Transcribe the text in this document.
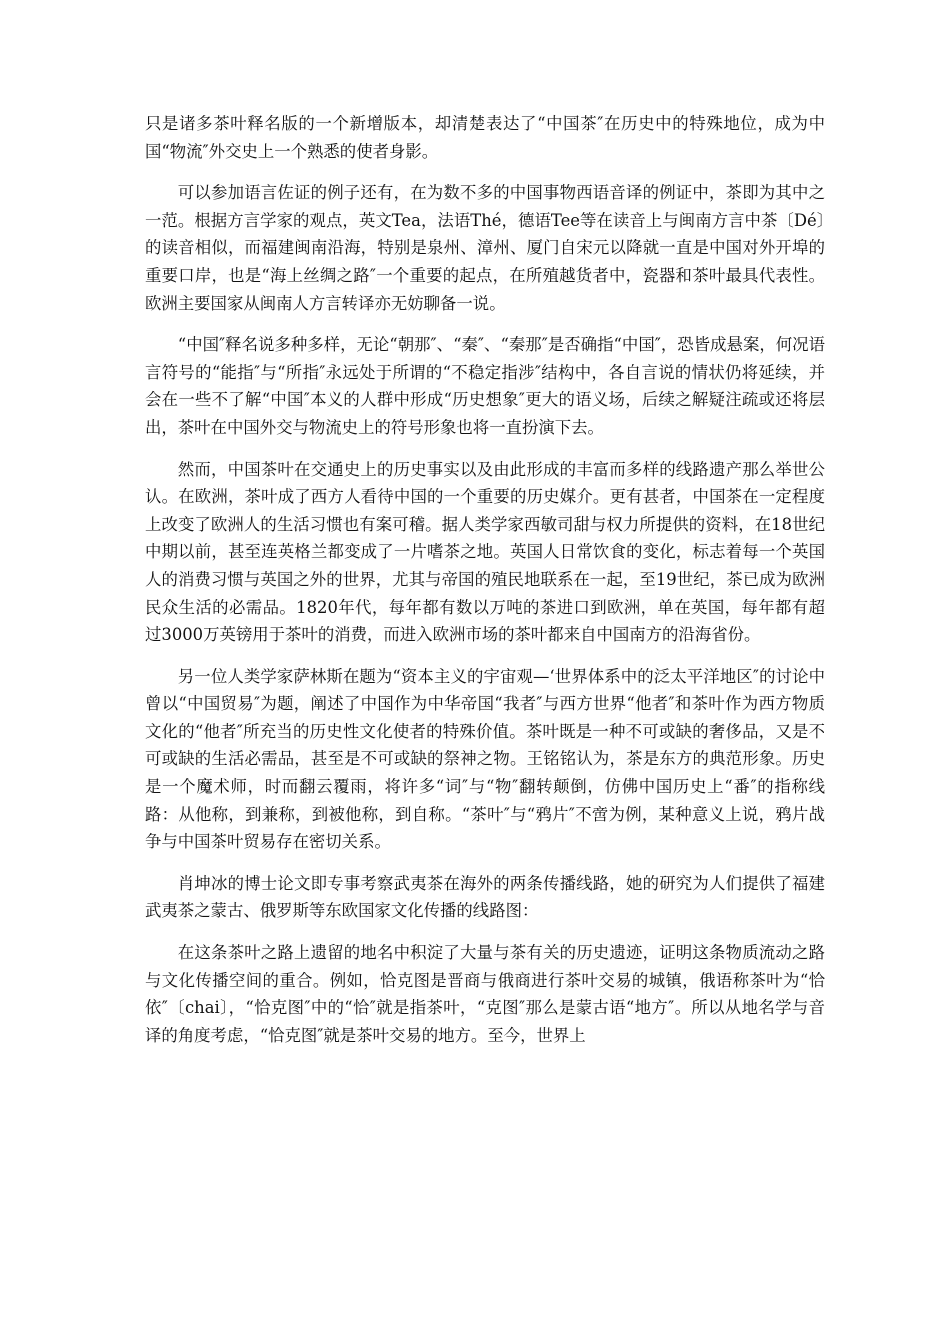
只是诸多茶叶释名版的一个新增版本，却清楚表达了“中国茶″在历史中的特殊地位，成为中国“物流″外交史上一个熟悉的使者身影。

可以参加语言佐证的例子还有，在为数不多的中国事物西语音译的例证中，茶即为其中之一范。根据方言学家的观点，英文Tea，法语Thé，德语Tee等在读音上与闽南方言中茶〔Dé〕的读音相似，而福建闽南沿海，特别是泉州、漳州、厦门自宋元以降就一直是中国对外开埠的重要口岸，也是“海上丝绸之路″一个重要的起点，在所殖越货者中，瓷器和茶叶最具代表性。欧洲主要国家从闽南人方言转译亦无妨聊备一说。

“中国″释名说多种多样，无论“朝那″、“秦″、“秦那″是否确指“中国″，恐皆成悬案，何况语言符号的“能指″与“所指″永远处于所谓的“不稳定指涉″结构中，各自言说的情状仍将延续，并会在一些不了解“中国″本义的人群中形成“历史想象″更大的语义场，后续之解疑注疏或还将层出，茶叶在中国外交与物流史上的符号形象也将一直扮演下去。

然而，中国茶叶在交通史上的历史事实以及由此形成的丰富而多样的线路遗产那么举世公认。在欧洲，茶叶成了西方人看待中国的一个重要的历史媒介。更有甚者，中国茶在一定程度上改变了欧洲人的生活习惯也有案可稽。据人类学家西敏司甜与权力所提供的资料，在18世纪中期以前，甚至连英格兰都变成了一片嗜茶之地。英国人日常饮食的变化，标志着每一个英国人的消费习惯与英国之外的世界，尤其与帝国的殖民地联系在一起，至19世纪，茶已成为欧洲民众生活的必需品。1820年代，每年都有数以万吨的茶进口到欧洲，单在英国，每年都有超过3000万英镑用于茶叶的消费，而进入欧洲市场的茶叶都来自中国南方的沿海省份。

另一位人类学家萨林斯在题为“资本主义的宇宙观—‘世界体系中的泛太平洋地区″的讨论中曾以“中国贸易″为题，阐述了中国作为中华帝国“我者″与西方世界“他者″和茶叶作为西方物质文化的“他者″所充当的历史性文化使者的特殊价值。茶叶既是一种不可或缺的奢侈品，又是不可或缺的生活必需品，甚至是不可或缺的祭神之物。王铭铭认为，茶是东方的典范形象。历史是一个魔术师，时而翻云覆雨，将许多“词″与“物″翻转颠倒，仿佛中国历史上“番″的指称线路：从他称，到兼称，到被他称，到自称。“茶叶″与“鸦片″不啻为例，某种意义上说，鸦片战争与中国茶叶贸易存在密切关系。

肖坤冰的博士论文即专事考察武夷茶在海外的两条传播线路，她的研究为人们提供了福建武夷茶之蒙古、俄罗斯等东欧国家文化传播的线路图：

在这条茶叶之路上遗留的地名中积淀了大量与茶有关的历史遗迹，证明这条物质流动之路与文化传播空间的重合。例如，恰克图是晋商与俄商进行茶叶交易的城镇，俄语称茶叶为“恰依″〔chai〕，“恰克图″中的“恰″就是指茶叶，“克图″那么是蒙古语“地方″。所以从地名学与音译的角度考虑，“恰克图″就是茶叶交易的地方。至今，世界上
